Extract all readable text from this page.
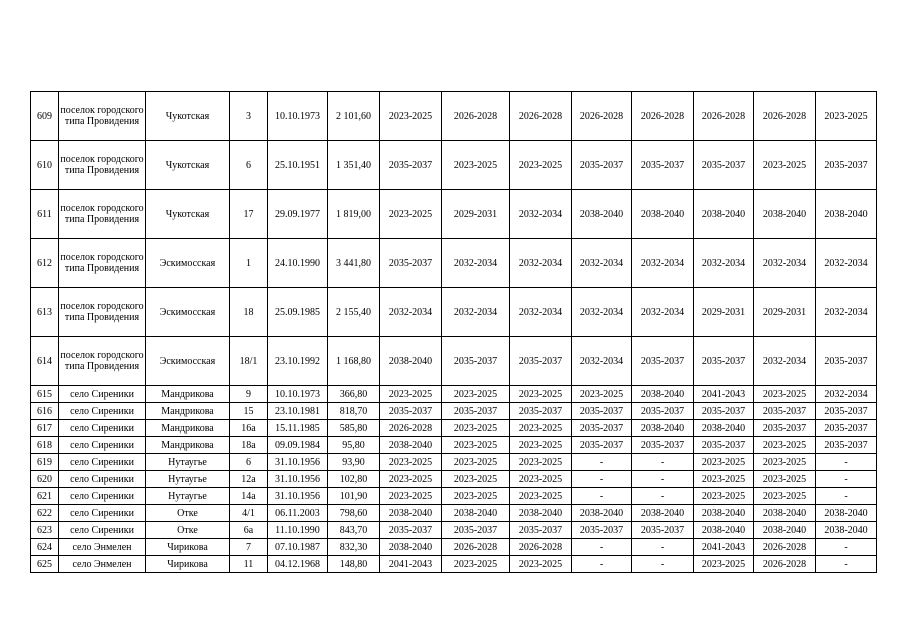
609	поселок городского типа Провидения	Чукотская	3	10.10.1973	2 101,60	2023-2025	2026-2028	2026-2028	2026-2028	2026-2028	2026-2028	2026-2028	2023-2025
610	поселок городского типа Провидения	Чукотская	6	25.10.1951	1 351,40	2035-2037	2023-2025	2023-2025	2035-2037	2035-2037	2035-2037	2023-2025	2035-2037
611	поселок городского типа Провидения	Чукотская	17	29.09.1977	1 819,00	2023-2025	2029-2031	2032-2034	2038-2040	2038-2040	2038-2040	2038-2040	2038-2040
612	поселок городского типа Провидения	Эскимосская	1	24.10.1990	3 441,80	2035-2037	2032-2034	2032-2034	2032-2034	2032-2034	2032-2034	2032-2034	2032-2034
613	поселок городского типа Провидения	Эскимосская	18	25.09.1985	2 155,40	2032-2034	2032-2034	2032-2034	2032-2034	2032-2034	2029-2031	2029-2031	2032-2034
614	поселок городского типа Провидения	Эскимосская	18/1	23.10.1992	1 168,80	2038-2040	2035-2037	2035-2037	2032-2034	2035-2037	2035-2037	2032-2034	2035-2037
615	село Сиреники	Мандрикова	9	10.10.1973	366,80	2023-2025	2023-2025	2023-2025	2023-2025	2038-2040	2041-2043	2023-2025	2032-2034
616	село Сиреники	Мандрикова	15	23.10.1981	818,70	2035-2037	2035-2037	2035-2037	2035-2037	2035-2037	2035-2037	2035-2037	2035-2037
617	село Сиреники	Мандрикова	16а	15.11.1985	585,80	2026-2028	2023-2025	2023-2025	2035-2037	2038-2040	2038-2040	2035-2037	2035-2037
618	село Сиреники	Мандрикова	18а	09.09.1984	95,80	2038-2040	2023-2025	2023-2025	2035-2037	2035-2037	2035-2037	2023-2025	2035-2037
619	село Сиреники	Нутаугье	6	31.10.1956	93,90	2023-2025	2023-2025	2023-2025	-	-	2023-2025	2023-2025	-
620	село Сиреники	Нутаугье	12а	31.10.1956	102,80	2023-2025	2023-2025	2023-2025	-	-	2023-2025	2023-2025	-
621	село Сиреники	Нутаугье	14а	31.10.1956	101,90	2023-2025	2023-2025	2023-2025	-	-	2023-2025	2023-2025	-
622	село Сиреники	Отке	4/1	06.11.2003	798,60	2038-2040	2038-2040	2038-2040	2038-2040	2038-2040	2038-2040	2038-2040	2038-2040
623	село Сиреники	Отке	6а	11.10.1990	843,70	2035-2037	2035-2037	2035-2037	2035-2037	2035-2037	2038-2040	2038-2040	2038-2040
624	село Энмелен	Чирикова	7	07.10.1987	832,30	2038-2040	2026-2028	2026-2028	-	-	2041-2043	2026-2028	-
625	село Энмелен	Чирикова	11	04.12.1968	148,80	2041-2043	2023-2025	2023-2025	-	-	2023-2025	2026-2028	-
